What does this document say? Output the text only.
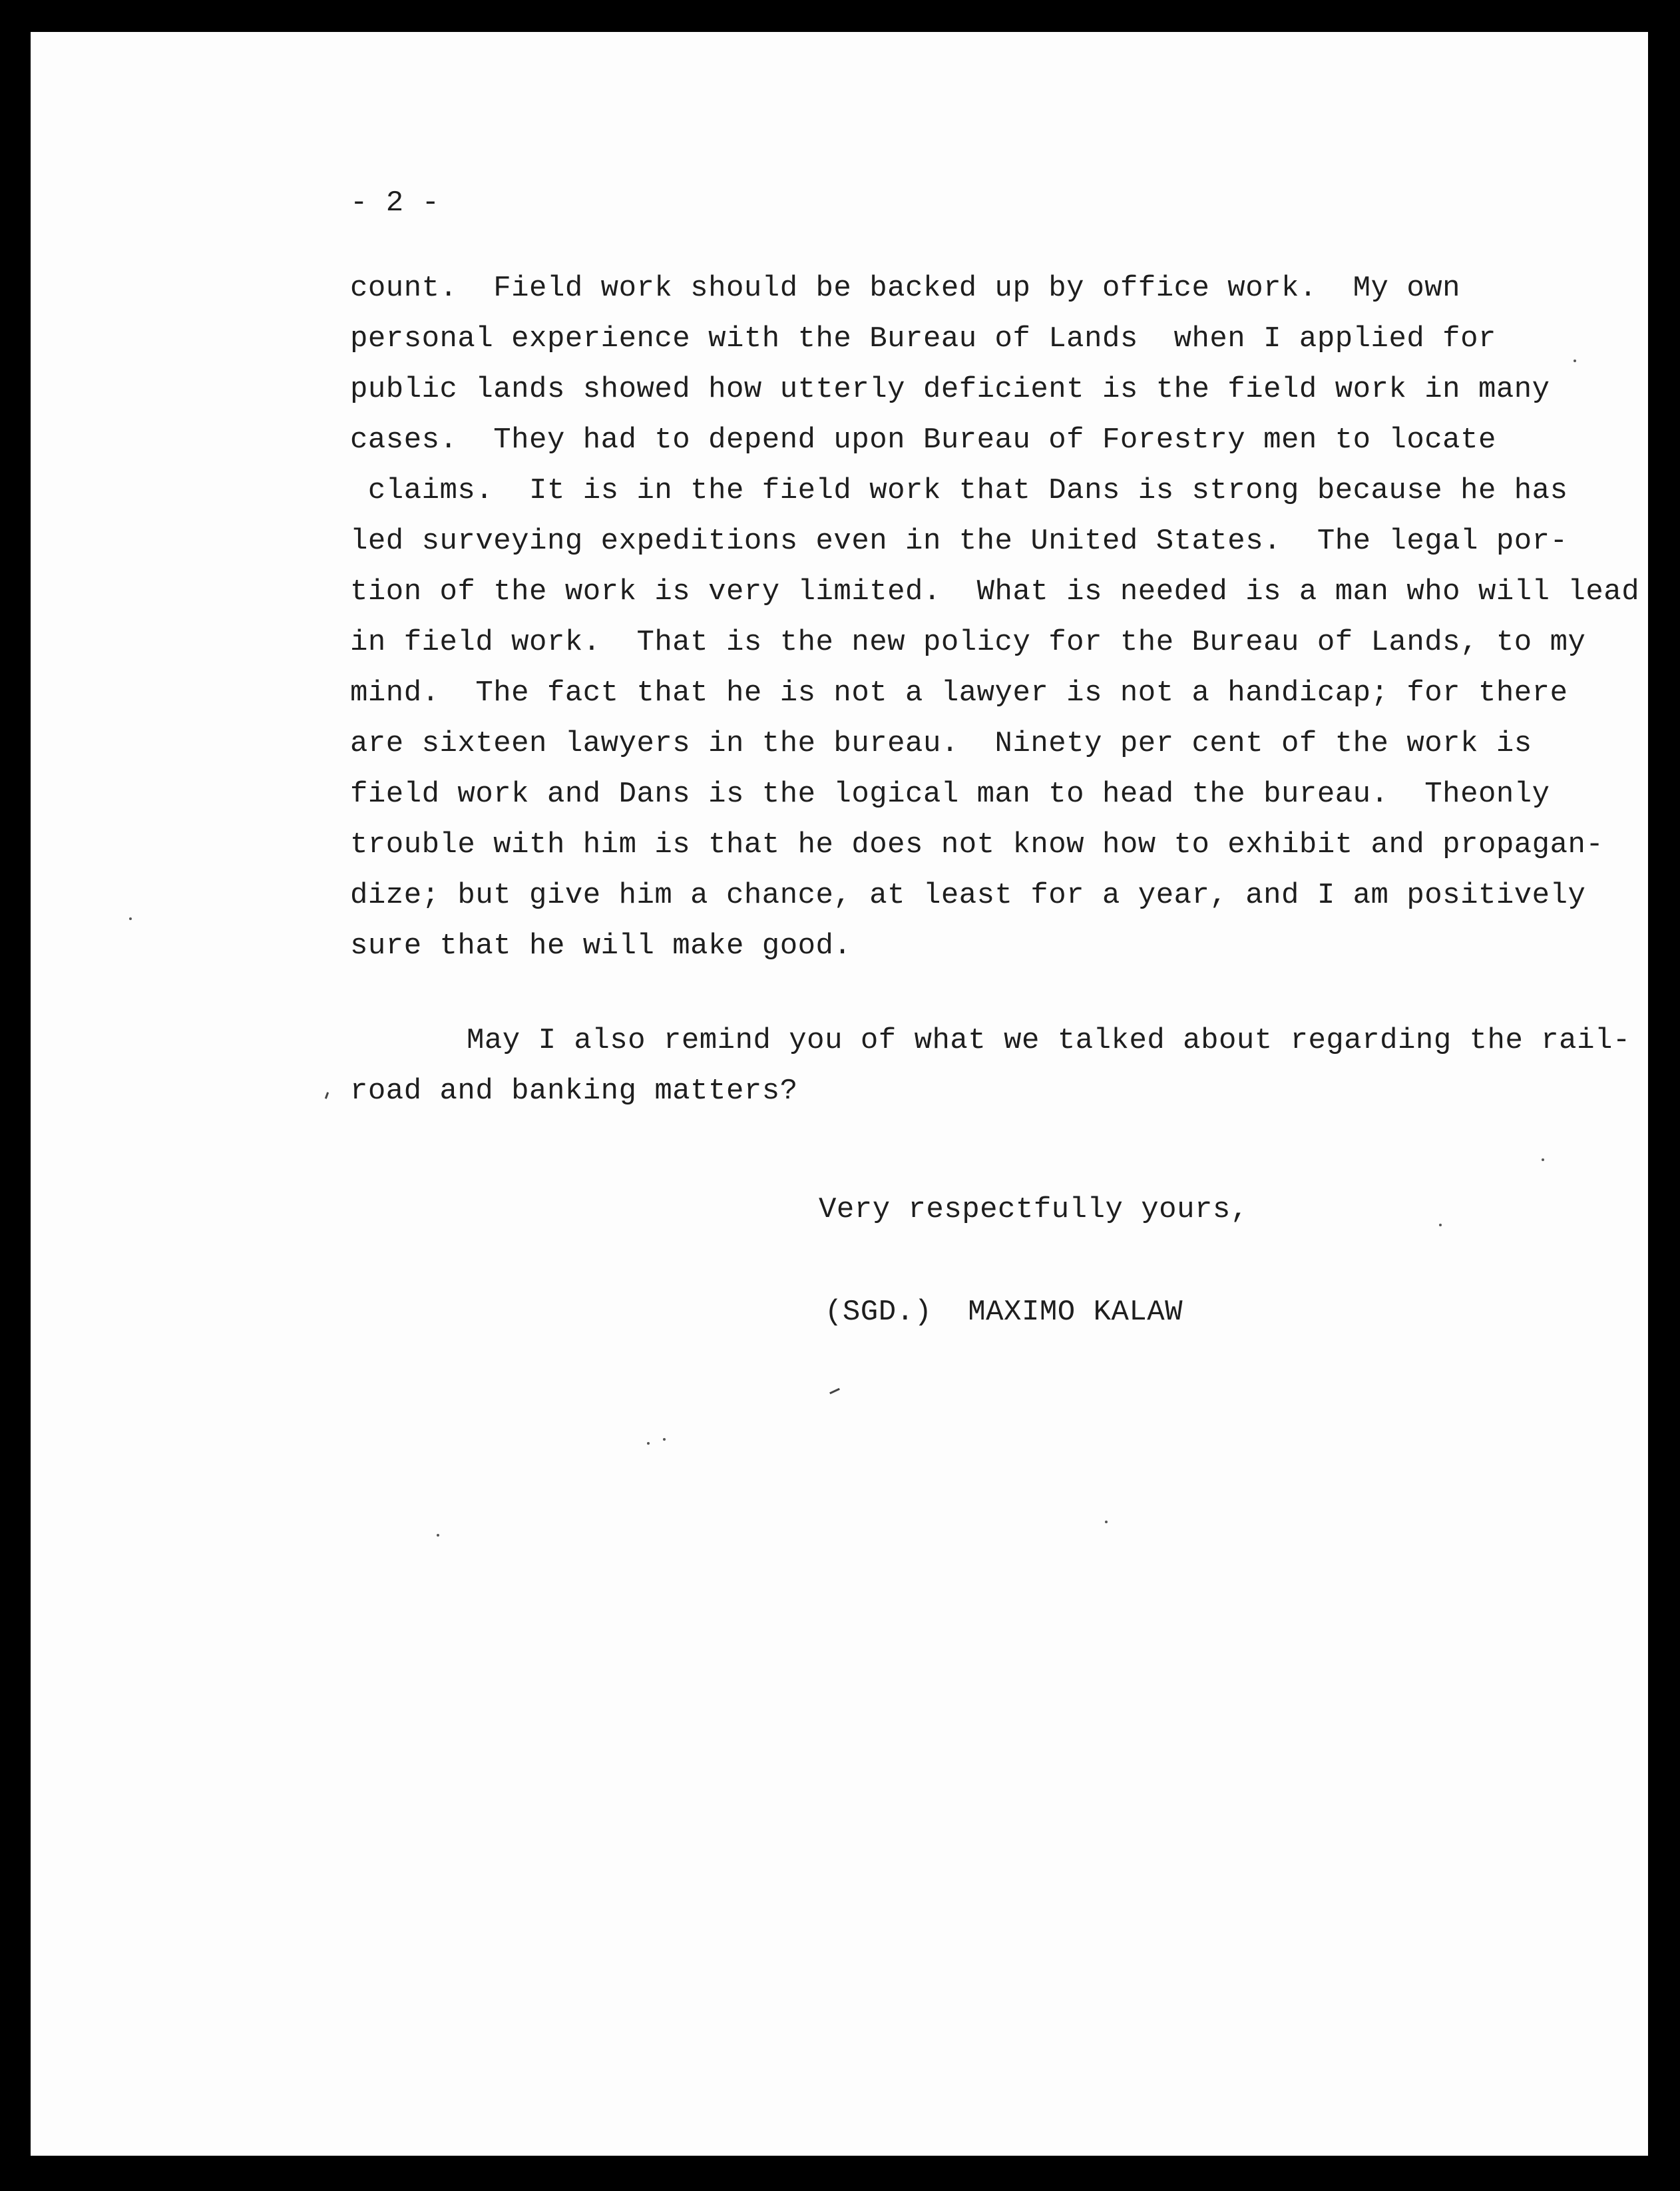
- 2 -
count.  Field work should be backed up by office work.  My own
personal experience with the Bureau of Lands  when I applied for
public lands showed how utterly deficient is the field work in many
cases.  They had to depend upon Bureau of Forestry men to locate
claims.  It is in the field work that Dans is strong because he has
led surveying expeditions even in the United States.  The legal por-
tion of the work is very limited.  What is needed is a man who will lead
in field work.  That is the new policy for the Bureau of Lands, to my
mind.  The fact that he is not a lawyer is not a handicap; for there
are sixteen lawyers in the bureau.  Ninety per cent of the work is
field work and Dans is the logical man to head the bureau.  Theonly
trouble with him is that he does not know how to exhibit and propagan-
dize; but give him a chance, at least for a year, and I am positively
sure that he will make good.
May I also remind you of what we talked about regarding the rail-
road and banking matters?
Very respectfully yours,
(SGD.)  MAXIMO KALAW
